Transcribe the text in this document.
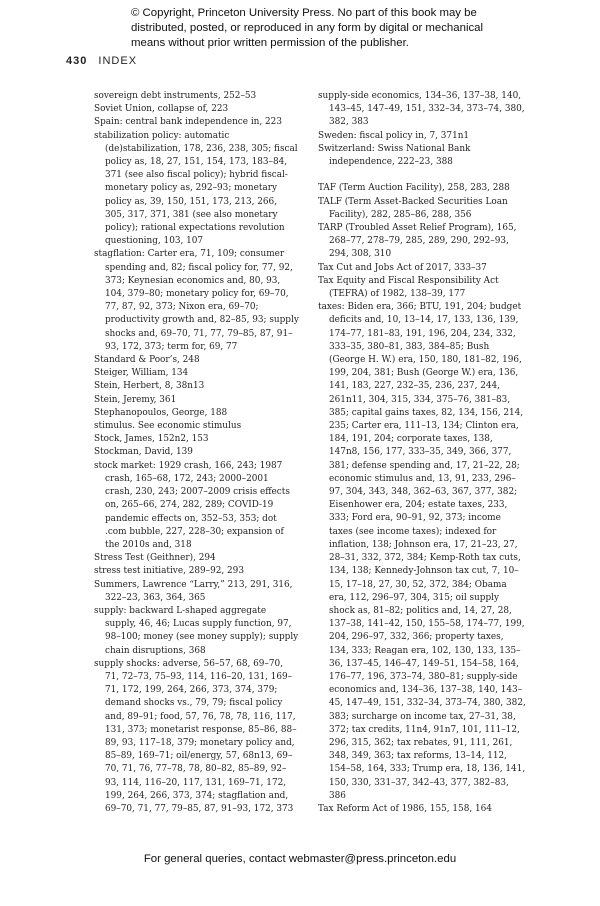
© Copyright, Princeton University Press. No part of this book may be
distributed, posted, or reproduced in any form by digital or mechanical
means without prior written permission of the publisher.
430 INDEX
sovereign debt instruments, 252–53
Soviet Union, collapse of, 223
Spain: central bank independence in, 223
stabilization policy: automatic (de)stabilization, 178, 236, 238, 305; fiscal policy as, 18, 27, 151, 154, 173, 183–84, 371 (see also fiscal policy); hybrid fiscal-monetary policy as, 292–93; monetary policy as, 39, 150, 151, 173, 213, 266, 305, 317, 371, 381 (see also monetary policy); rational expectations revolution questioning, 103, 107
stagflation: Carter era, 71, 109; consumer spending and, 82; fiscal policy for, 77, 92, 373; Keynesian economics and, 80, 93, 104, 379–80; monetary policy for, 69–70, 77, 87, 92, 373; Nixon era, 69–70; productivity growth and, 82–85, 93; supply shocks and, 69–70, 71, 77, 79–85, 87, 91–93, 172, 373; term for, 69, 77
Standard & Poor’s, 248
Steiger, William, 134
Stein, Herbert, 8, 38n13
Stein, Jeremy, 361
Stephanopoulos, George, 188
stimulus. See economic stimulus
Stock, James, 152n2, 153
Stockman, David, 139
stock market: 1929 crash, 166, 243; 1987 crash, 165–68, 172, 243; 2000–2001 crash, 230, 243; 2007–2009 crisis effects on, 265–66, 274, 282, 289; COVID-19 pandemic effects on, 352–53, 353; dot .com bubble, 227, 228–30; expansion of the 2010s and, 318
Stress Test (Geithner), 294
stress test initiative, 289–92, 293
Summers, Lawrence “Larry,” 213, 291, 316, 322–23, 363, 364, 365
supply: backward L-shaped aggregate supply, 46, 46; Lucas supply function, 97, 98–100; money (see money supply); supply chain disruptions, 368
supply shocks: adverse, 56–57, 68, 69–70, 71, 72–73, 75–93, 114, 116–20, 131, 169–71, 172, 199, 264, 266, 373, 374, 379; demand shocks vs., 79, 79; fiscal policy and, 89–91; food, 57, 76, 78, 78, 116, 117, 131, 373; monetarist response, 85–86, 88–89, 93, 117–18, 379; monetary policy and, 85–89, 169–71; oil/energy, 57, 68n13, 69–70, 71, 76, 77–78, 78, 80–82, 85–89, 92–93, 114, 116–20, 117, 131, 169–71, 172, 199, 264, 266, 373, 374; stagflation and, 69–70, 71, 77, 79–85, 87, 91–93, 172, 373
supply-side economics, 134–36, 137–38, 140, 143–45, 147–49, 151, 332–34, 373–74, 380, 382, 383
Sweden: fiscal policy in, 7, 371n1
Switzerland: Swiss National Bank independence, 222–23, 388
TAF (Term Auction Facility), 258, 283, 288
TALF (Term Asset-Backed Securities Loan Facility), 282, 285–86, 288, 356
TARP (Troubled Asset Relief Program), 165, 268–77, 278–79, 285, 289, 290, 292–93, 294, 308, 310
Tax Cut and Jobs Act of 2017, 333–37
Tax Equity and Fiscal Responsibility Act (TEFRA) of 1982, 138–39, 177
taxes: Biden era, 366; BTU, 191, 204; budget deficits and, 10, 13–14, 17, 133, 136, 139, 174–77, 181–83, 191, 196, 204, 234, 332, 333–35, 380–81, 383, 384–85; Bush (George H. W.) era, 150, 180, 181–82, 196, 199, 204, 381; Bush (George W.) era, 136, 141, 183, 227, 232–35, 236, 237, 244, 261n11, 304, 315, 334, 375–76, 381–83, 385; capital gains taxes, 82, 134, 156, 214, 235; Carter era, 111–13, 134; Clinton era, 184, 191, 204; corporate taxes, 138, 147n8, 156, 177, 333–35, 349, 366, 377, 381; defense spending and, 17, 21–22, 28; economic stimulus and, 13, 91, 233, 296–97, 304, 343, 348, 362–63, 367, 377, 382; Eisenhower era, 204; estate taxes, 233, 333; Ford era, 90–91, 92, 373; income taxes (see income taxes); indexed for inflation, 138; Johnson era, 17, 21–23, 27, 28–31, 332, 372, 384; Kemp-Roth tax cuts, 134, 138; Kennedy-Johnson tax cut, 7, 10–15, 17–18, 27, 30, 52, 372, 384; Obama era, 112, 296–97, 304, 315; oil supply shock as, 81–82; politics and, 14, 27, 28, 137–38, 141–42, 150, 155–58, 174–77, 199, 204, 296–97, 332, 366; property taxes, 134, 333; Reagan era, 102, 130, 133, 135–36, 137–45, 146–47, 149–51, 154–58, 164, 176–77, 196, 373–74, 380–81; supply-side economics and, 134–36, 137–38, 140, 143–45, 147–49, 151, 332–34, 373–74, 380, 382, 383; surcharge on income tax, 27–31, 38, 372; tax credits, 11n4, 91n7, 101, 111–12, 296, 315, 362; tax rebates, 91, 111, 261, 348, 349, 363; tax reforms, 13–14, 112, 154–58, 164, 333; Trump era, 18, 136, 141, 150, 330, 331–37, 342–43, 377, 382–83, 386
Tax Reform Act of 1986, 155, 158, 164
For general queries, contact webmaster@press.princeton.edu
